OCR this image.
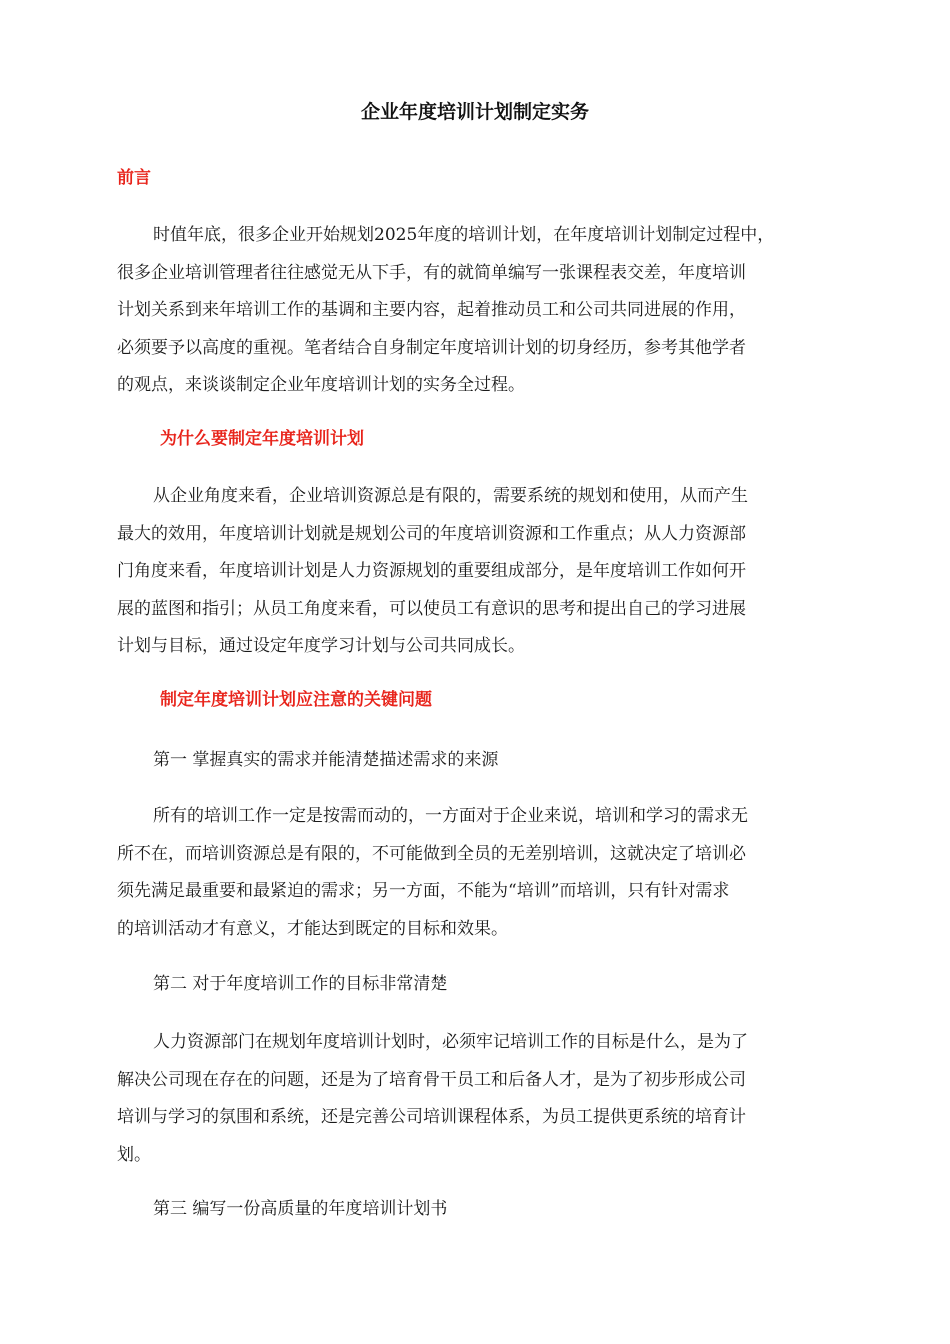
企业年度培训计划制定实务
前言
时值年底，很多企业开始规划2025年度的培训计划，在年度培训计划制定过程中，
很多企业培训管理者往往感觉无从下手，有的就简单编写一张课程表交差，年度培训
计划关系到来年培训工作的基调和主要内容，起着推动员工和公司共同进展的作用，
必须要予以高度的重视。笔者结合自身制定年度培训计划的切身经历，参考其他学者
的观点，来谈谈制定企业年度培训计划的实务全过程。
为什么要制定年度培训计划
从企业角度来看，企业培训资源总是有限的，需要系统的规划和使用，从而产生
最大的效用，年度培训计划就是规划公司的年度培训资源和工作重点；从人力资源部
门角度来看，年度培训计划是人力资源规划的重要组成部分，是年度培训工作如何开
展的蓝图和指引；从员工角度来看，可以使员工有意识的思考和提出自己的学习进展
计划与目标，通过设定年度学习计划与公司共同成长。
制定年度培训计划应注意的关键问题

第一 掌握真实的需求并能清楚描述需求的来源

所有的培训工作一定是按需而动的，一方面对于企业来说，培训和学习的需求无
所不在，而培训资源总是有限的，不可能做到全员的无差别培训，这就决定了培训必
须先满足最重要和最紧迫的需求；另一方面，不能为“培训”而培训，只有针对需求
的培训活动才有意义，才能达到既定的目标和效果。

第二 对于年度培训工作的目标非常清楚

人力资源部门在规划年度培训计划时，必须牢记培训工作的目标是什么，是为了
解决公司现在存在的问题，还是为了培育骨干员工和后备人才，是为了初步形成公司
培训与学习的氛围和系统，还是完善公司培训课程体系，为员工提供更系统的培育计
划。

第三 编写一份高质量的年度培训计划书
